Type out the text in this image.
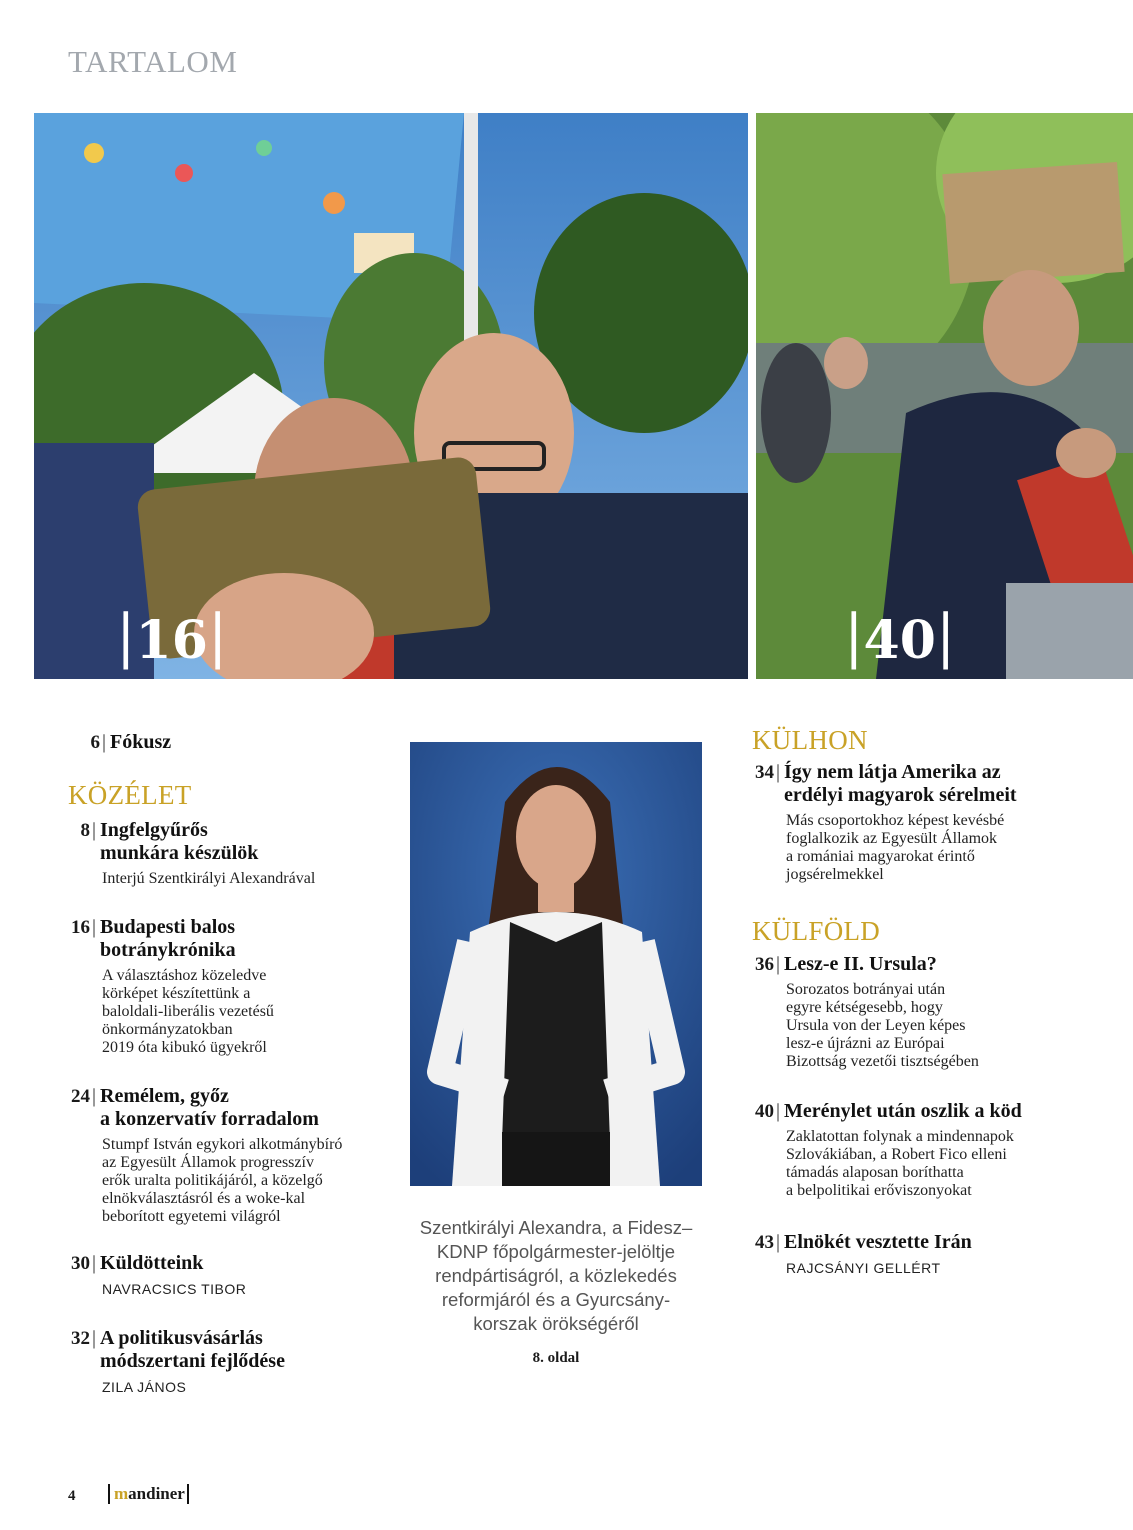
TARTALOM
|16|	|40|
6 | Fókusz
KÖZÉLET
8 | Ingfelgyűrős
munkára készülök
Interjú Szentkirályi Alexandrával
16 | Budapesti balos
botránykrónika
A választáshoz közeledve
körképet készítettünk a
baloldali-liberális vezetésű
önkormányzatokban
2019 óta kibukó ügyekről
24 | Remélem, győz
a konzervatív forradalom
Stumpf István egykori alkotmánybíró
az Egyesült Államok progresszív
erők uralta politikájáról, a közelgő
elnökválasztásról és a woke-kal
beborított egyetemi világról
30 | Küldötteink
NAVRACSICS TIBOR
32 | A politikusvásárlás
módszertani fejlődése
ZILA JÁNOS
Szentkirályi Alexandra, a Fidesz–
KDNP főpolgármester-jelöltje
rendpártiságról, a közlekedés
reformjáról és a Gyurcsány-
korszak örökségéről
8. oldal
KÜLHON
34 | Így nem látja Amerika az
erdélyi magyarok sérelmeit
Más csoportokhoz képest kevésbé
foglalkozik az Egyesült Államok
a romániai magyarokat érintő
jogsérelmekkel
KÜLFÖLD
36 | Lesz-e II. Ursula?
Sorozatos botrányai után
egyre kétségesebb, hogy
Ursula von der Leyen képes
lesz-e újrázni az Európai
Bizottság vezetői tisztségében
40 | Merénylet után oszlik a köd
Zaklatottan folynak a mindennapok
Szlovákiában, a Robert Fico elleni
támadás alaposan boríthatta
a belpolitikai erőviszonyokat
43 | Elnökét vesztette Irán
RAJCSÁNYI GELLÉRT
4	mandiner
